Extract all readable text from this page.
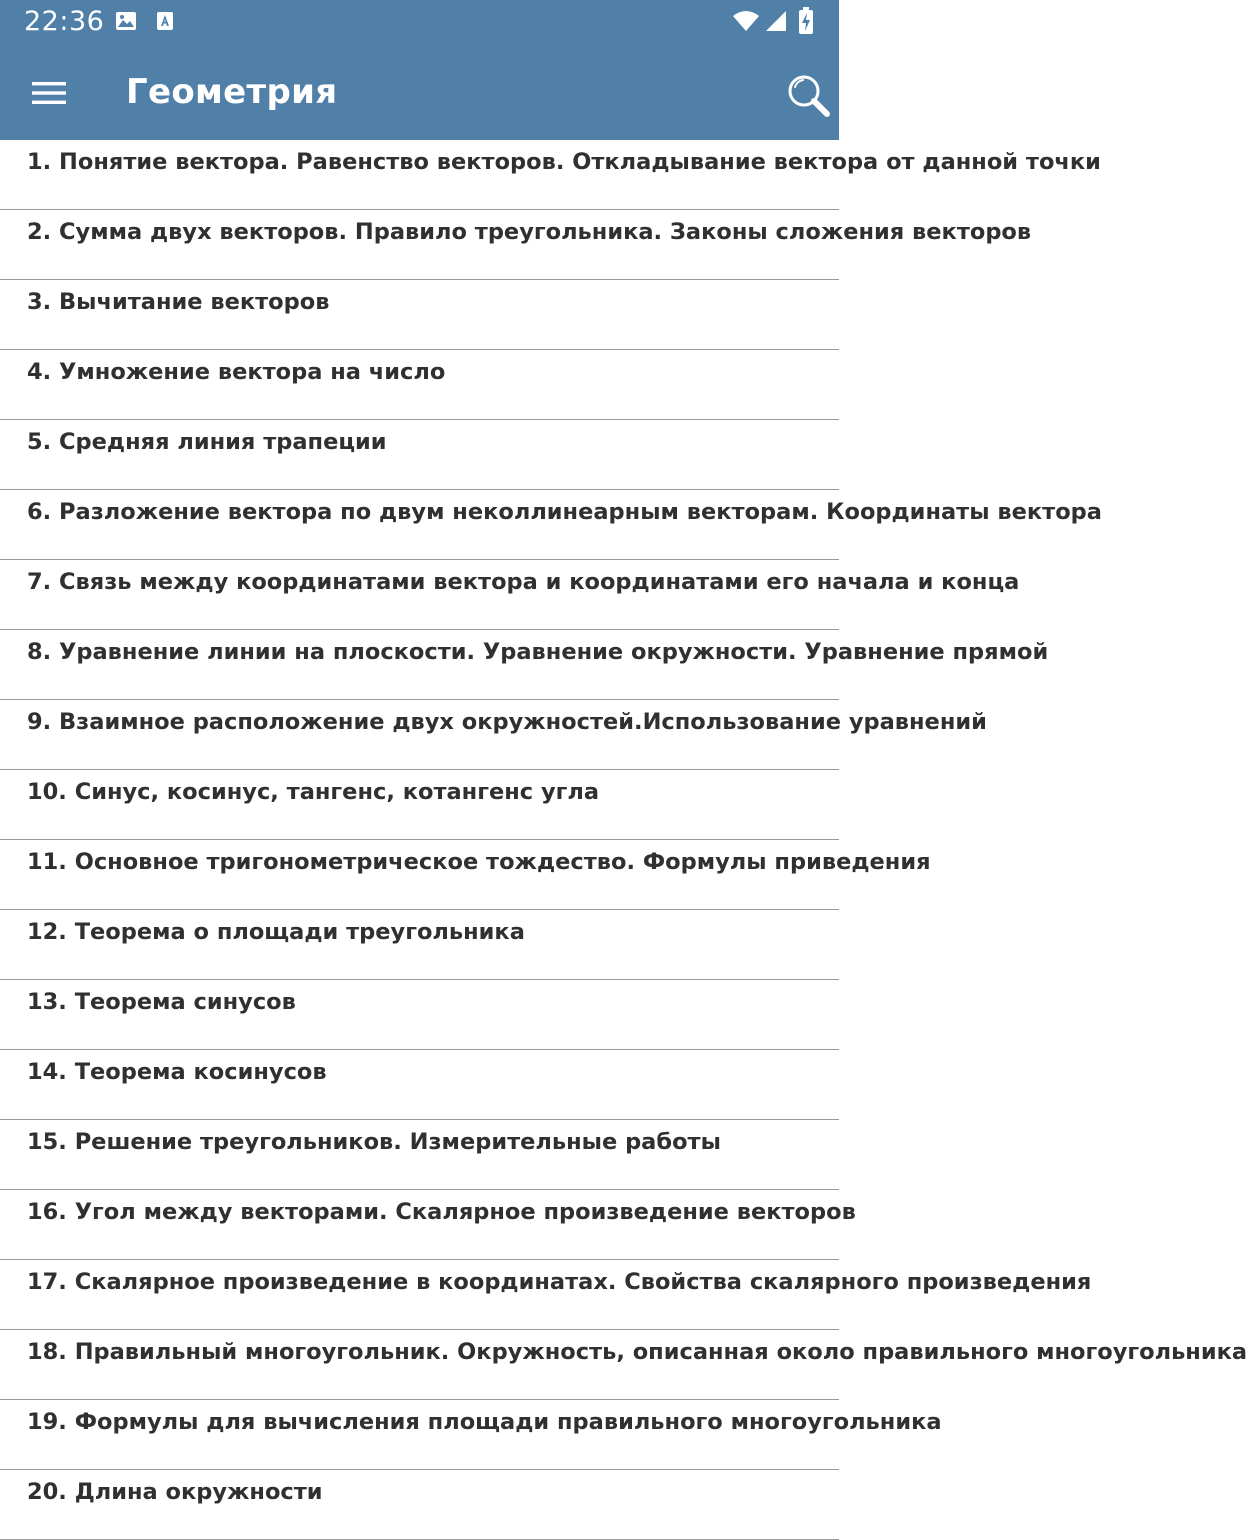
22:36
Геометрия
1. Понятие вектора. Равенство векторов. Откладывание вектора от данной точки
2. Сумма двух векторов. Правило треугольника. Законы сложения векторов
3. Вычитание векторов
4. Умножение вектора на число
5. Средняя линия трапеции
6. Разложение вектора по двум неколлинеарным векторам. Координаты вектора
7. Связь между координатами вектора и координатами его начала и конца
8. Уравнение линии на плоскости. Уравнение окружности. Уравнение прямой
9. Взаимное расположение двух окружностей.Использование уравнений
10. Синус, косинус, тангенс, котангенс угла
11. Основное тригонометрическое тождество. Формулы приведения
12. Теорема о площади треугольника
13. Теорема синусов
14. Теорема косинусов
15. Решение треугольников. Измерительные работы
16. Угол между векторами. Скалярное произведение векторов
17. Скалярное произведение в координатах. Свойства скалярного произведения
18. Правильный многоугольник. Окружность, описанная около правильного многоугольника
19. Формулы для вычисления площади правильного многоугольника
20. Длина окружности
